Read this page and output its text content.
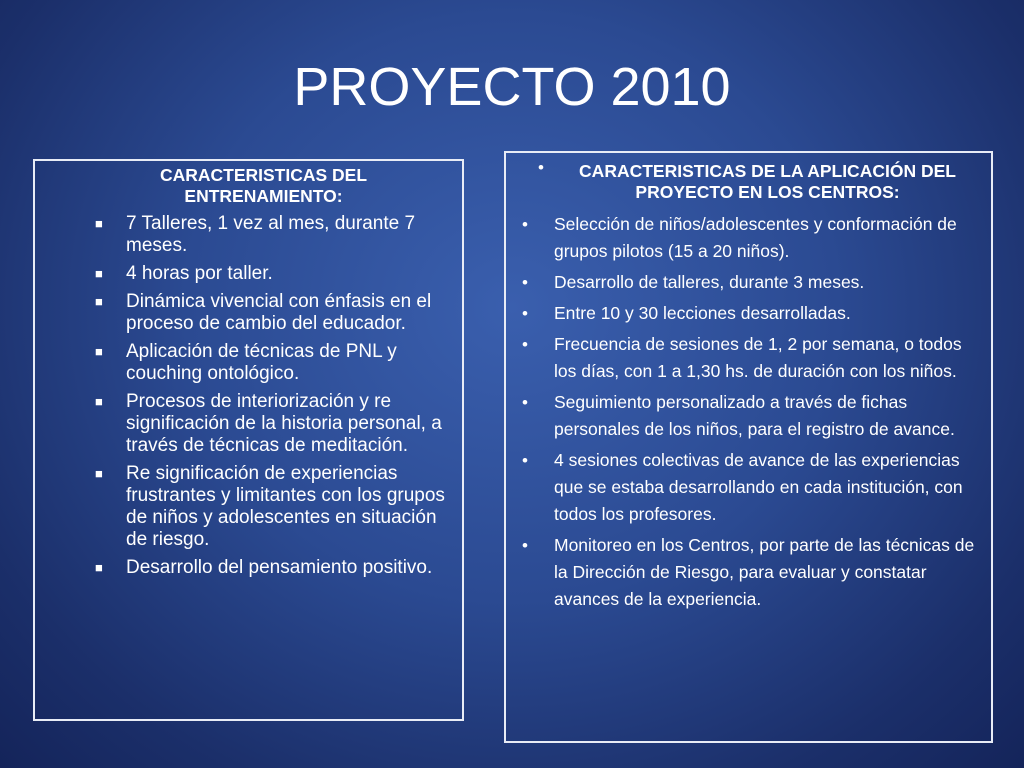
PROYECTO 2010
CARACTERISTICAS DEL ENTRENAMIENTO:
■ 7 Talleres, 1 vez al mes, durante 7 meses.
■ 4 horas por taller.
■ Dinámica vivencial con énfasis en el proceso de cambio del educador.
■ Aplicación de técnicas de PNL y couching ontológico.
■ Procesos de interiorización y re significación de la historia personal, a través de técnicas de meditación.
■ Re significación de experiencias frustrantes y limitantes con los grupos de niños y adolescentes en situación de riesgo.
■ Desarrollo del pensamiento positivo.
•	CARACTERISTICAS DE LA APLICACIÓN DEL PROYECTO EN LOS CENTROS:
• Selección de niños/adolescentes y conformación de grupos pilotos (15 a 20 niños).
• Desarrollo de talleres, durante 3 meses.
• Entre 10 y 30 lecciones desarrolladas.
• Frecuencia de sesiones de 1, 2 por semana, o todos los días, con 1 a 1,30 hs. de duración con los niños.
• Seguimiento personalizado a través de fichas personales de los niños, para el registro de avance.
• 4 sesiones colectivas de avance de las experiencias que se estaba desarrollando en cada institución, con todos los profesores.
• Monitoreo en los Centros, por parte de las técnicas de la Dirección de Riesgo, para evaluar y constatar avances de la experiencia.
